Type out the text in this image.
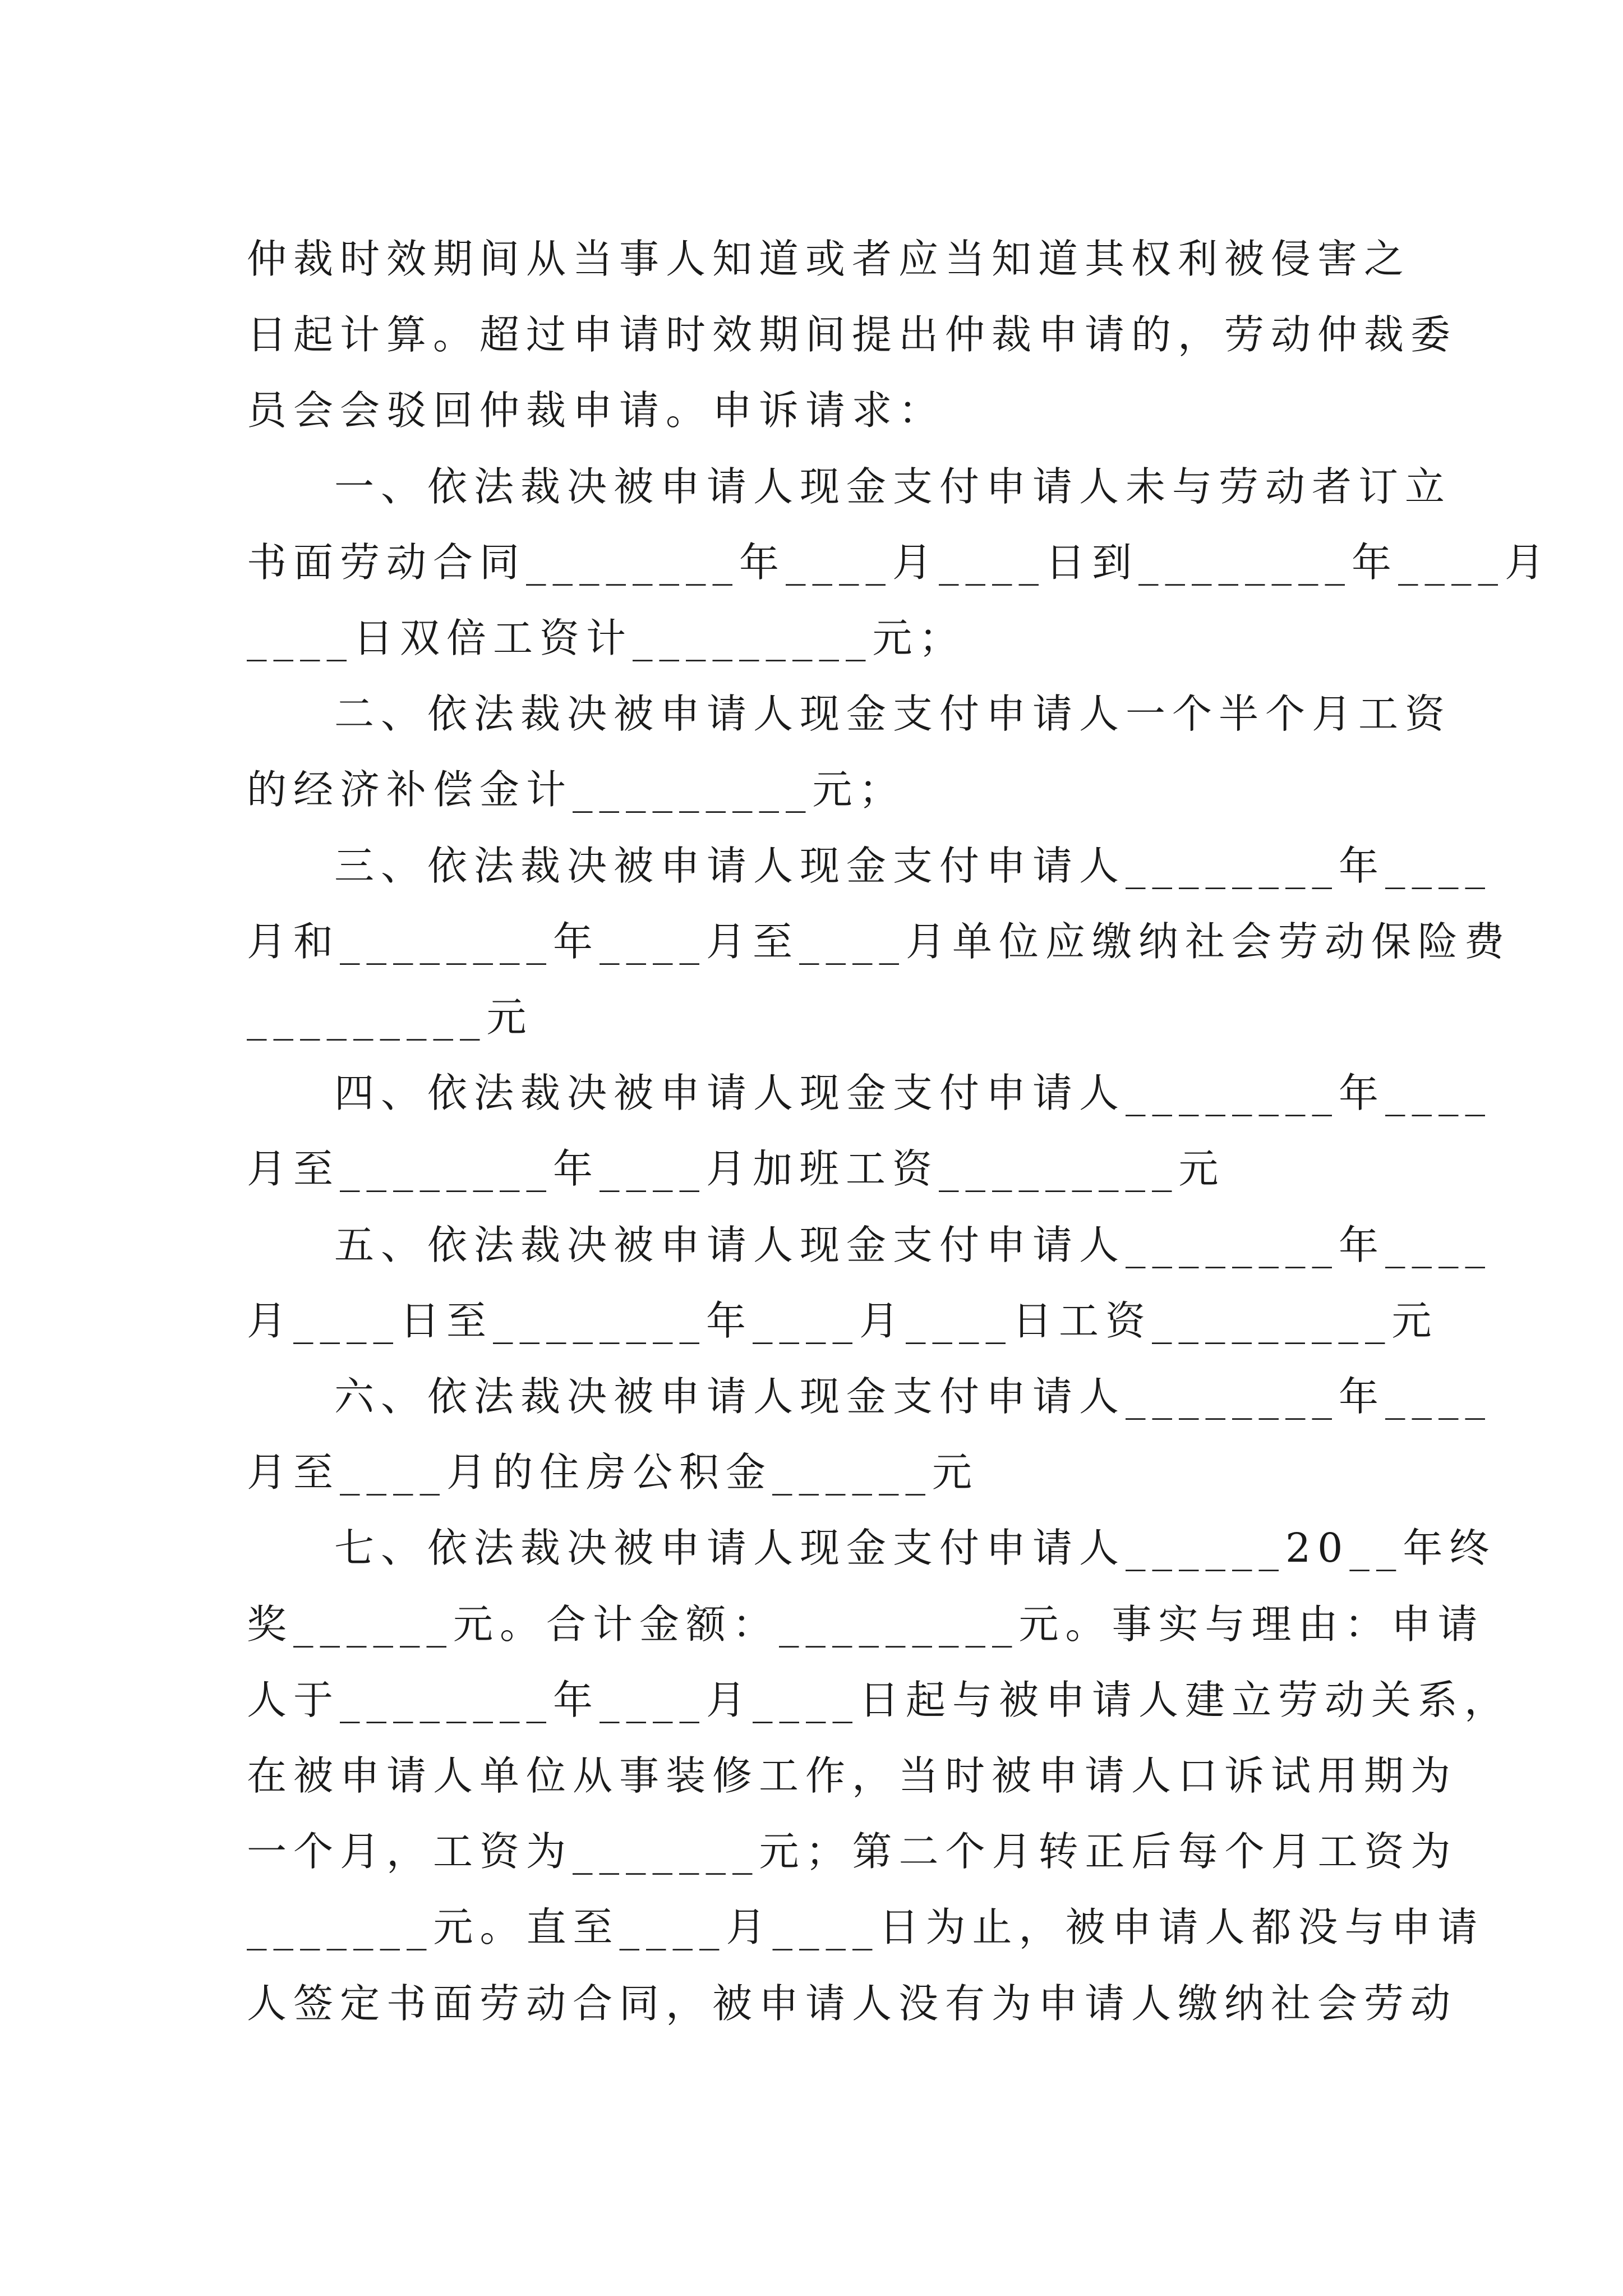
仲裁时效期间从当事人知道或者应当知道其权利被侵害之
日起计算。超过申请时效期间提出仲裁申请的，劳动仲裁委
员会会驳回仲裁申请。申诉请求：
一、依法裁决被申请人现金支付申请人未与劳动者订立
书面劳动合同________年____月____日到________年____月
____日双倍工资计_________元；
二、依法裁决被申请人现金支付申请人一个半个月工资
的经济补偿金计_________元；
三、依法裁决被申请人现金支付申请人________年____
月和________年____月至____月单位应缴纳社会劳动保险费
_________元
四、依法裁决被申请人现金支付申请人________年____
月至________年____月加班工资_________元
五、依法裁决被申请人现金支付申请人________年____
月____日至________年____月____日工资_________元
六、依法裁决被申请人现金支付申请人________年____
月至____月的住房公积金______元
七、依法裁决被申请人现金支付申请人______20__年终
奖______元。合计金额：_________元。事实与理由：申请
人于________年____月____日起与被申请人建立劳动关系，
在被申请人单位从事装修工作，当时被申请人口诉试用期为
一个月，工资为_______元；第二个月转正后每个月工资为
_______元。直至____月____日为止，被申请人都没与申请
人签定书面劳动合同，被申请人没有为申请人缴纳社会劳动
